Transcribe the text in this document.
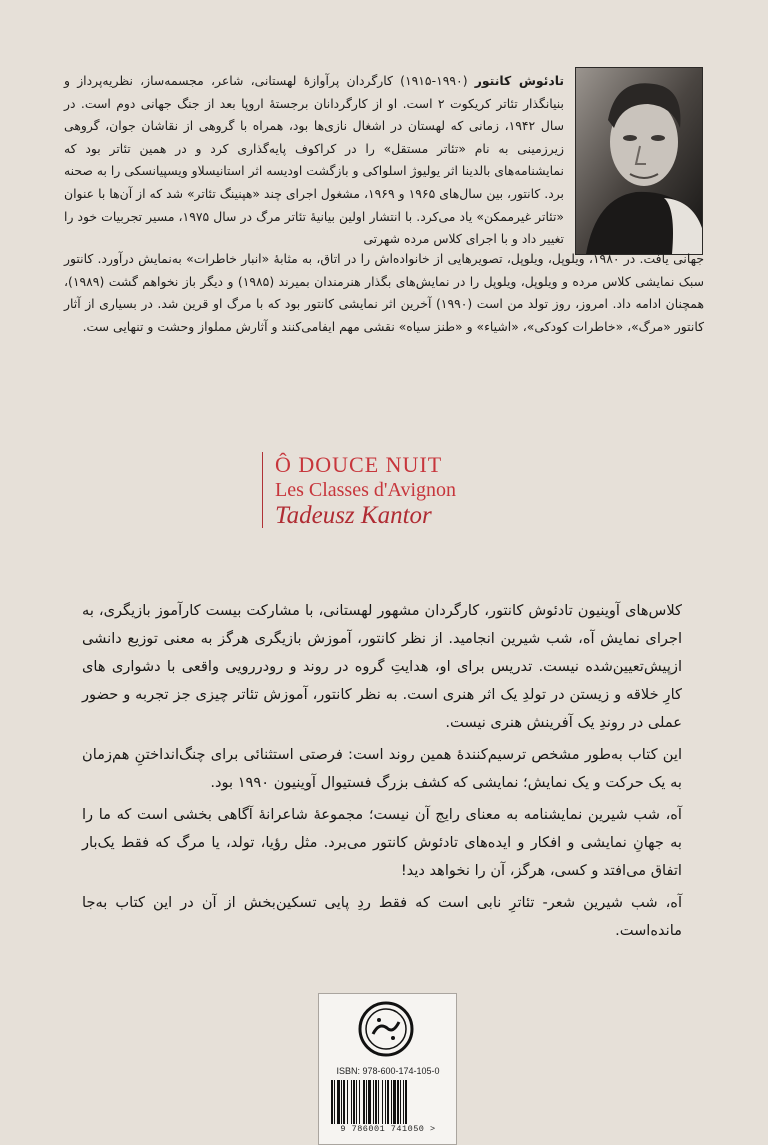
تادئوش کانتور (۱۹۹۰-۱۹۱۵) کارگردان پرآوازهٔ لهستانی، شاعر، مجسمه‌ساز، نظریه‌پرداز و بنیانگذار تئاتر کریکوت ۲ است. او از کارگردانان برجستهٔ اروپا بعد از جنگ جهانی دوم است. در سال ۱۹۴۲، زمانی که لهستان در اشغال نازی‌ها بود، همراه با گروهی از نقاشان جوان، گروهی زیرزمینی به نام «تئاتر مستقل» را در کراکوف پایه‌گذاری کرد و در همین تئاتر بود که نمایشنامه‌های بالدینا اثر یولیوژ اسلواکی و بازگشت اودیسه اثر استانیسلاو ویسپیانسکی را به صحنه برد. کانتور، بین سال‌های ۱۹۶۵ و ۱۹۶۹، مشغول اجرای چند «هپنینگ تئاتر» شد که از آن‌ها با عنوان «تئاتر غیرممکن» یاد می‌کرد. با انتشار اولین بیانیهٔ تئاتر مرگ در سال ۱۹۷۵، مسیر تجربیات خود را تغییر داد و با اجرای کلاس مرده شهرتی
جهانی یافت. در ۱۹۸۰، ویلوپل، ویلوپل، تصویرهایی از خانواده‌اش را در اتاق، به مثابهٔ «انبار خاطرات» به‌نمایش درآورد. کانتور سبک نمایشی کلاس مرده و ویلوپل، ویلوپل را در نمایش‌های بگذار هنرمندان بمیرند (۱۹۸۵) و دیگر باز نخواهم گشت (۱۹۸۹)، همچنان ادامه داد. امروز، روز تولد من است (۱۹۹۰) آخرین اثر نمایشی کانتور بود که با مرگ او قرین شد. در بسیاری از آثار کانتور «مرگ»، «خاطرات کودکی»، «اشیاء» و «طنز سیاه» نقشی مهم ایفامی‌کنند و آثارش مملواز وحشت و تنهایی‌ ست.
Ô DOUCE NUIT
Les Classes d'Avignon
Tadeusz Kantor

کلاس‌های آوینیون تادئوش کانتور، کارگردان مشهور لهستانی، با مشارکت بیست کارآموز بازیگری، به اجرای نمایش آه، شب شیرین انجامید. از نظر کانتور، آموزش بازیگری هرگز به معنی توزیع دانشی ازپیش‌تعیین‌شده نیست. تدریس برای او، هدایتِ گروه در روند و رودررویی واقعی با دشواری های کارِ خلاقه و زیستن در تولدِ یک اثر هنری است. به نظر کانتور، آموزش تئاتر چیزی جز تجربه و حضور عملی در روندِ یک آفرینش هنری نیست.

این کتاب به‌طور مشخص ترسیم‌کنندهٔ همین روند است: فرصتی استثنائی برای چنگ‌انداختنِ هم‌زمان به یک حرکت و یک نمایش؛ نمایشی که کشف بزرگ فستیوال آوینیون ۱۹۹۰ بود.

آه، شب شیرین نمایشنامه به معنای رایج آن نیست؛ مجموعهٔ شاعرانهٔ آگاهی بخشی است که ما را به جهانِ نمایشی و افکار و ایده‌های تادئوش کانتور می‌برد. مثل رؤیا، تولد، یا مرگ که فقط یک‌بار اتفاق می‌افتد و کسی، هرگز، آن را نخواهد دید!

آه، شب شیرین شعر- تئاترِ نابی است که فقط ردِ پایی تسکین‌بخش از آن در این کتاب به‌جا مانده‌است.

ISBN: 978-600-174-105-0
9 786001 741050 >
